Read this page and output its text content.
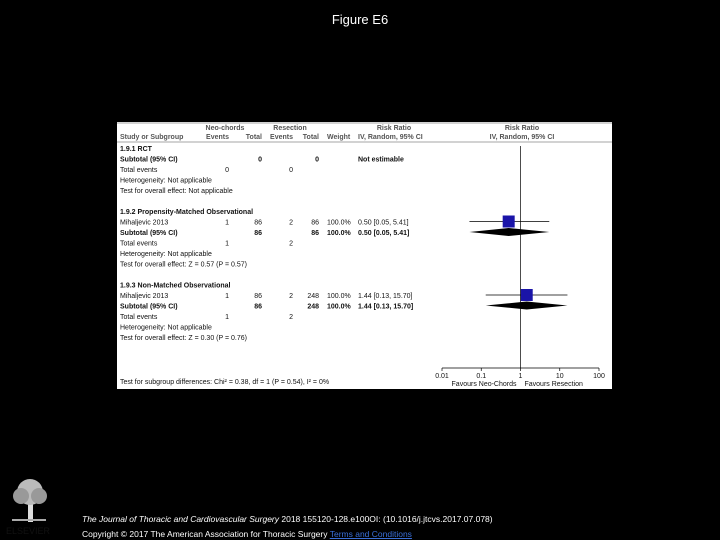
Figure E6
Neo-chords	Resection	Risk Ratio	Risk Ratio
Study or Subgroup	Events Total Events Total Weight IV, Random, 95% CI	IV, Random, 95% CI
1.9.1 RCT
Subtotal (95% CI)	0	0	Not estimable
Total events	0	0
Heterogeneity: Not applicable
Test for overall effect: Not applicable
1.9.2 Propensity-Matched Observational
Mihaljevic 2013	1	86	2	86 100.0% 0.50 [0.05, 5.41]
Subtotal (95% CI)	86	86 100.0% 0.50 [0.05, 5.41]
Total events	1	2
Heterogeneity: Not applicable
Test for overall effect: Z = 0.57 (P = 0.57)
1.9.3 Non-Matched Observational
Mihaljevic 2013	1	86	2 248 100.0% 1.44 [0.13, 15.70]
Subtotal (95% CI)	86	248 100.0% 1.44 [0.13, 15.70]
Total events	1	2
Heterogeneity: Not applicable
Test for overall effect: Z = 0.30 (P = 0.76)
Test for subgroup differences: Chi² = 0.38, df = 1 (P = 0.54), I² = 0%
0.01	0.1	1	10	100
Favours Neo-Chords Favours Resection
ELSEVIER
The Journal of Thoracic and Cardiovascular Surgery 2018 155120-128.e100OI: (10.1016/j.jtcvs.2017.07.078)
Copyright © 2017 The American Association for Thoracic Surgery Terms and Conditions
